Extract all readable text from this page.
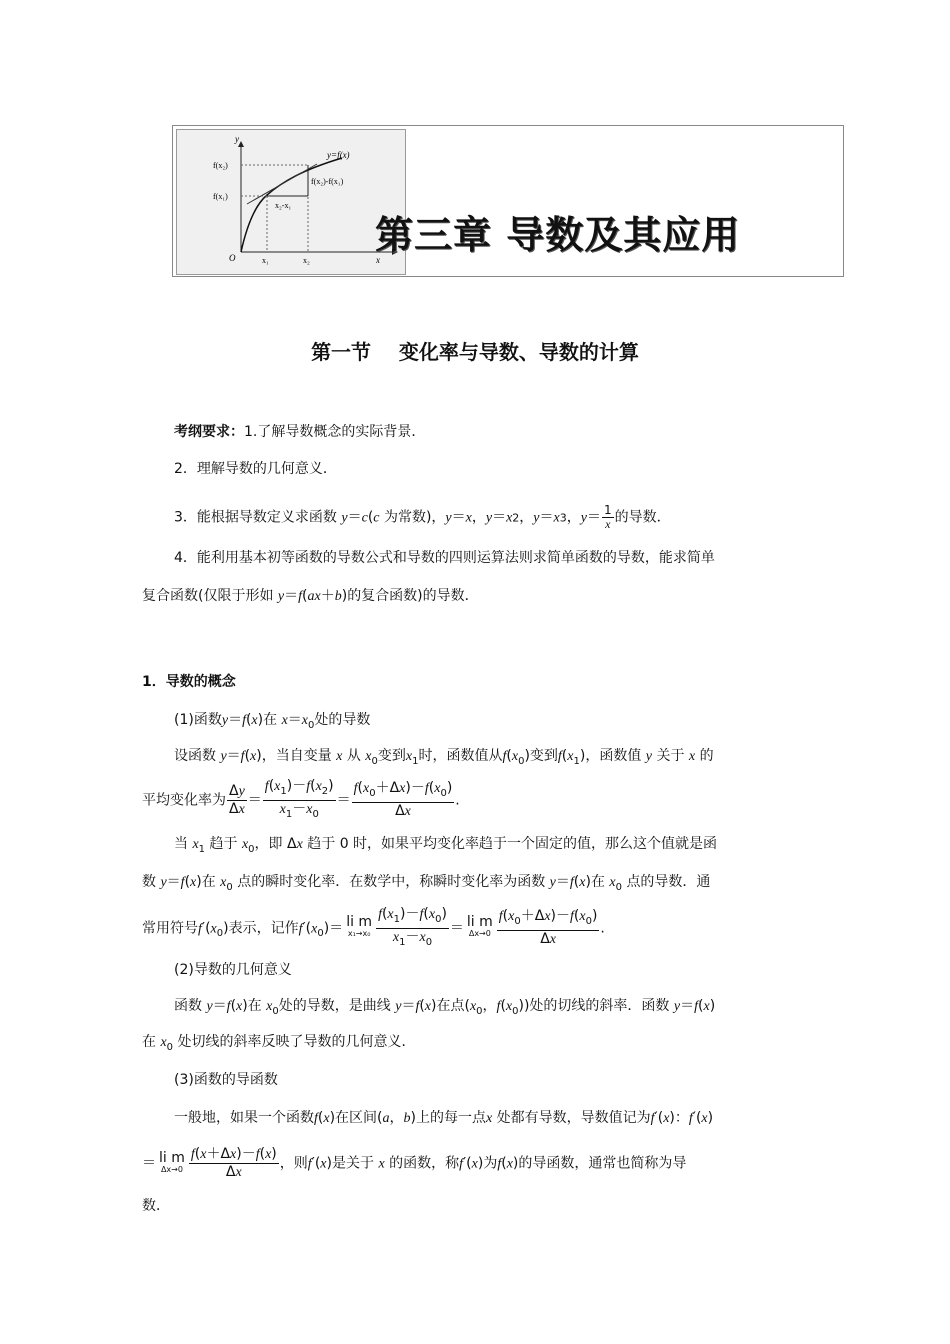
y
x
O
f(x₂)
f(x₁)
x₁	x₂
x₂-x₁
f(x₂)-f(x₁)
y=f(x)
第三章 导数及其应用
第一节    变化率与导数、导数的计算
考纲要求：1.了解导数概念的实际背景．
2．理解导数的几何意义．
3．能根据导数定义求函数 y＝c(c 为常数)，y＝x，y＝x2，y＝x3，$y= \frac{1}{x}$ 的导数．
4．能利用基本初等函数的导数公式和导数的四则运算法则求简单函数的导数，能求简单
复合函数(仅限于形如 y＝f(ax＋b)的复合函数)的导数．
1．导数的概念
(1)函数y＝f(x)在 $x=x_0$处的导数
设函数 y＝f(x)，当自变量 x 从 $x_0$变到$x_1$时，函数值从$f(x_0)$变到$f(x_1)$，函数值 y 关于 x 的
平均变化率为 $\frac{\Delta y}{\Delta x} = \frac{f(x_1)-f(x_2)}{x_1-x_0} = \frac{f(x_0+\Delta x)-f(x_0)}{\Delta x}$ .
当 $x_1$ 趋于 $x_0$，即 Δx 趋于 0 时，如果平均变化率趋于一个固定的值，那么这个值就是函
数 y＝f(x)在 $x_0$ 点的瞬时变化率．在数学中，称瞬时变化率为函数 y＝f(x)在 $x_0$ 点的导数．通
常用符号$f'(x_0)$表示，记作$f'(x_0)=$ li m
$x_1\to x_0 \frac{f(x_1)-f(x_0)}{x_1-x_0}$ ＝ li m
$\Delta x\to 0 \frac{f(x_0+\Delta x)-f(x_0)}{\Delta x}$ .
(2)导数的几何意义
函数 y＝f(x)在 $x_0$处的导数，是曲线 y＝f(x)在点($x_0$，$f(x_0)$)处的切线的斜率．函数 y＝f(x)
在 $x_0$ 处切线的斜率反映了导数的几何意义．
(3)函数的导函数
一般地，如果一个函数f(x)在区间(a，b)上的每一点x 处都有导数，导数值记为f′(x)：f′(x)
＝ li m
$\Delta x\to 0 \frac{f(x+\Delta x)-f(x)}{\Delta x}$ ，则f′(x)是关于 x 的函数，称f′(x)为f(x)的导函数，通常也简称为导
数．
